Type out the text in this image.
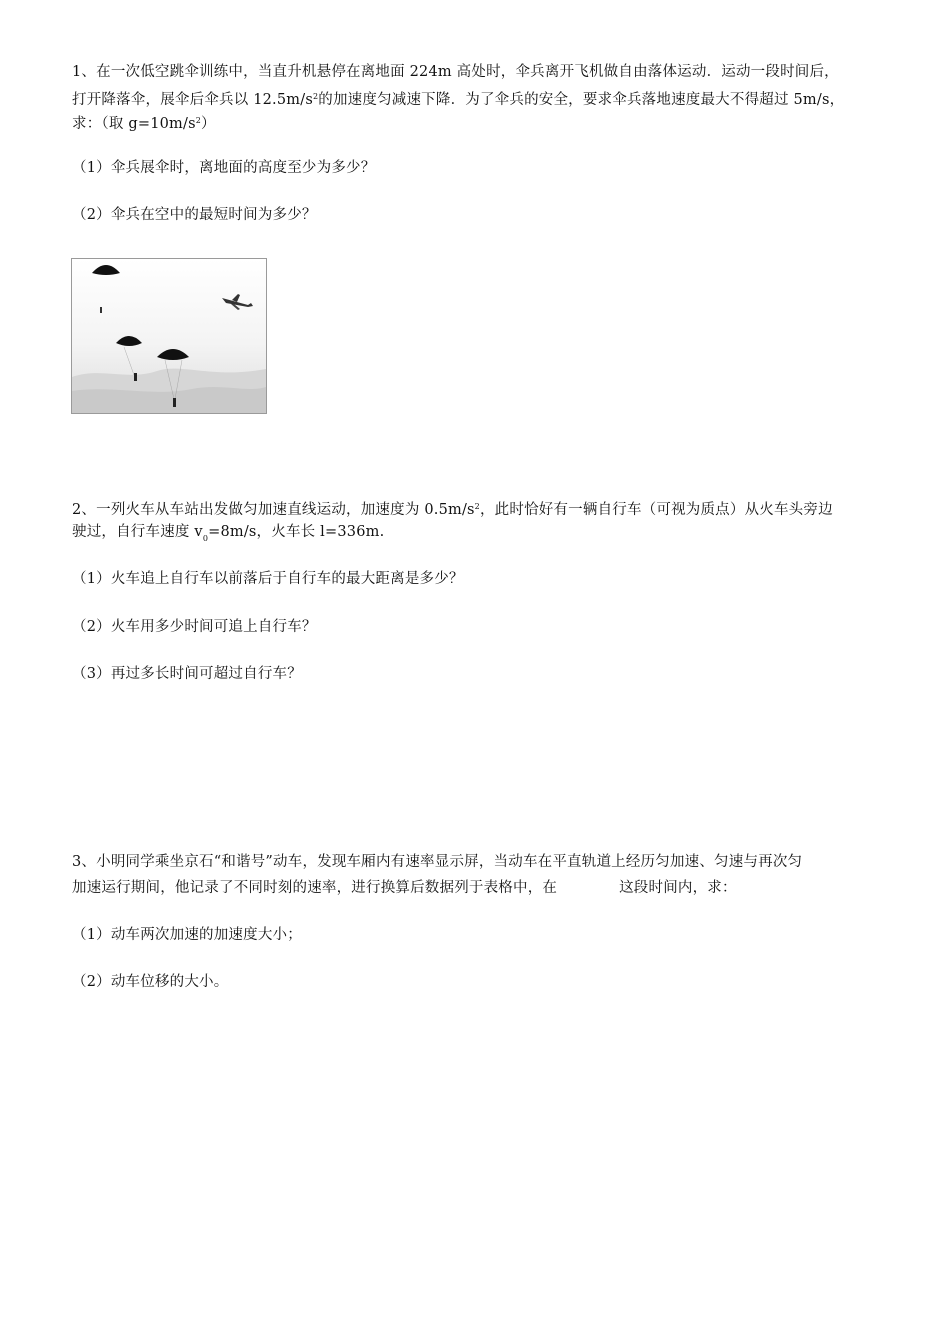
1、在一次低空跳伞训练中，当直升机悬停在离地面 224m 高处时，伞兵离开飞机做自由落体运动．运动一段时间后，
打开降落伞，展伞后伞兵以 $12.5m/s^2$的加速度匀减速下降．为了伞兵的安全，要求伞兵落地速度最大不得超过 5m/s，
求：（取 $g=10m/s^2$）
（1）伞兵展伞时，离地面的高度至少为多少？
（2）伞兵在空中的最短时间为多少？
2、一列火车从车站出发做匀加速直线运动，加速度为 $0.5m/s^2$，此时恰好有一辆自行车（可视为质点）从火车头旁边
驶过，自行车速度 $v_0=8m/s$，火车长 l=336m.
（1）火车追上自行车以前落后于自行车的最大距离是多少？
（2）火车用多少时间可追上自行车？
（3）再过多长时间可超过自行车？
3、小明同学乘坐京石“和谐号”动车，发现车厢内有速率显示屏，当动车在平直轨道上经历匀加速、匀速与再次匀
加速运行期间，他记录了不同时刻的速率，进行换算后数据列于表格中，在	这段时间内，求：
（1）动车两次加速的加速度大小；
（2）动车位移的大小。
